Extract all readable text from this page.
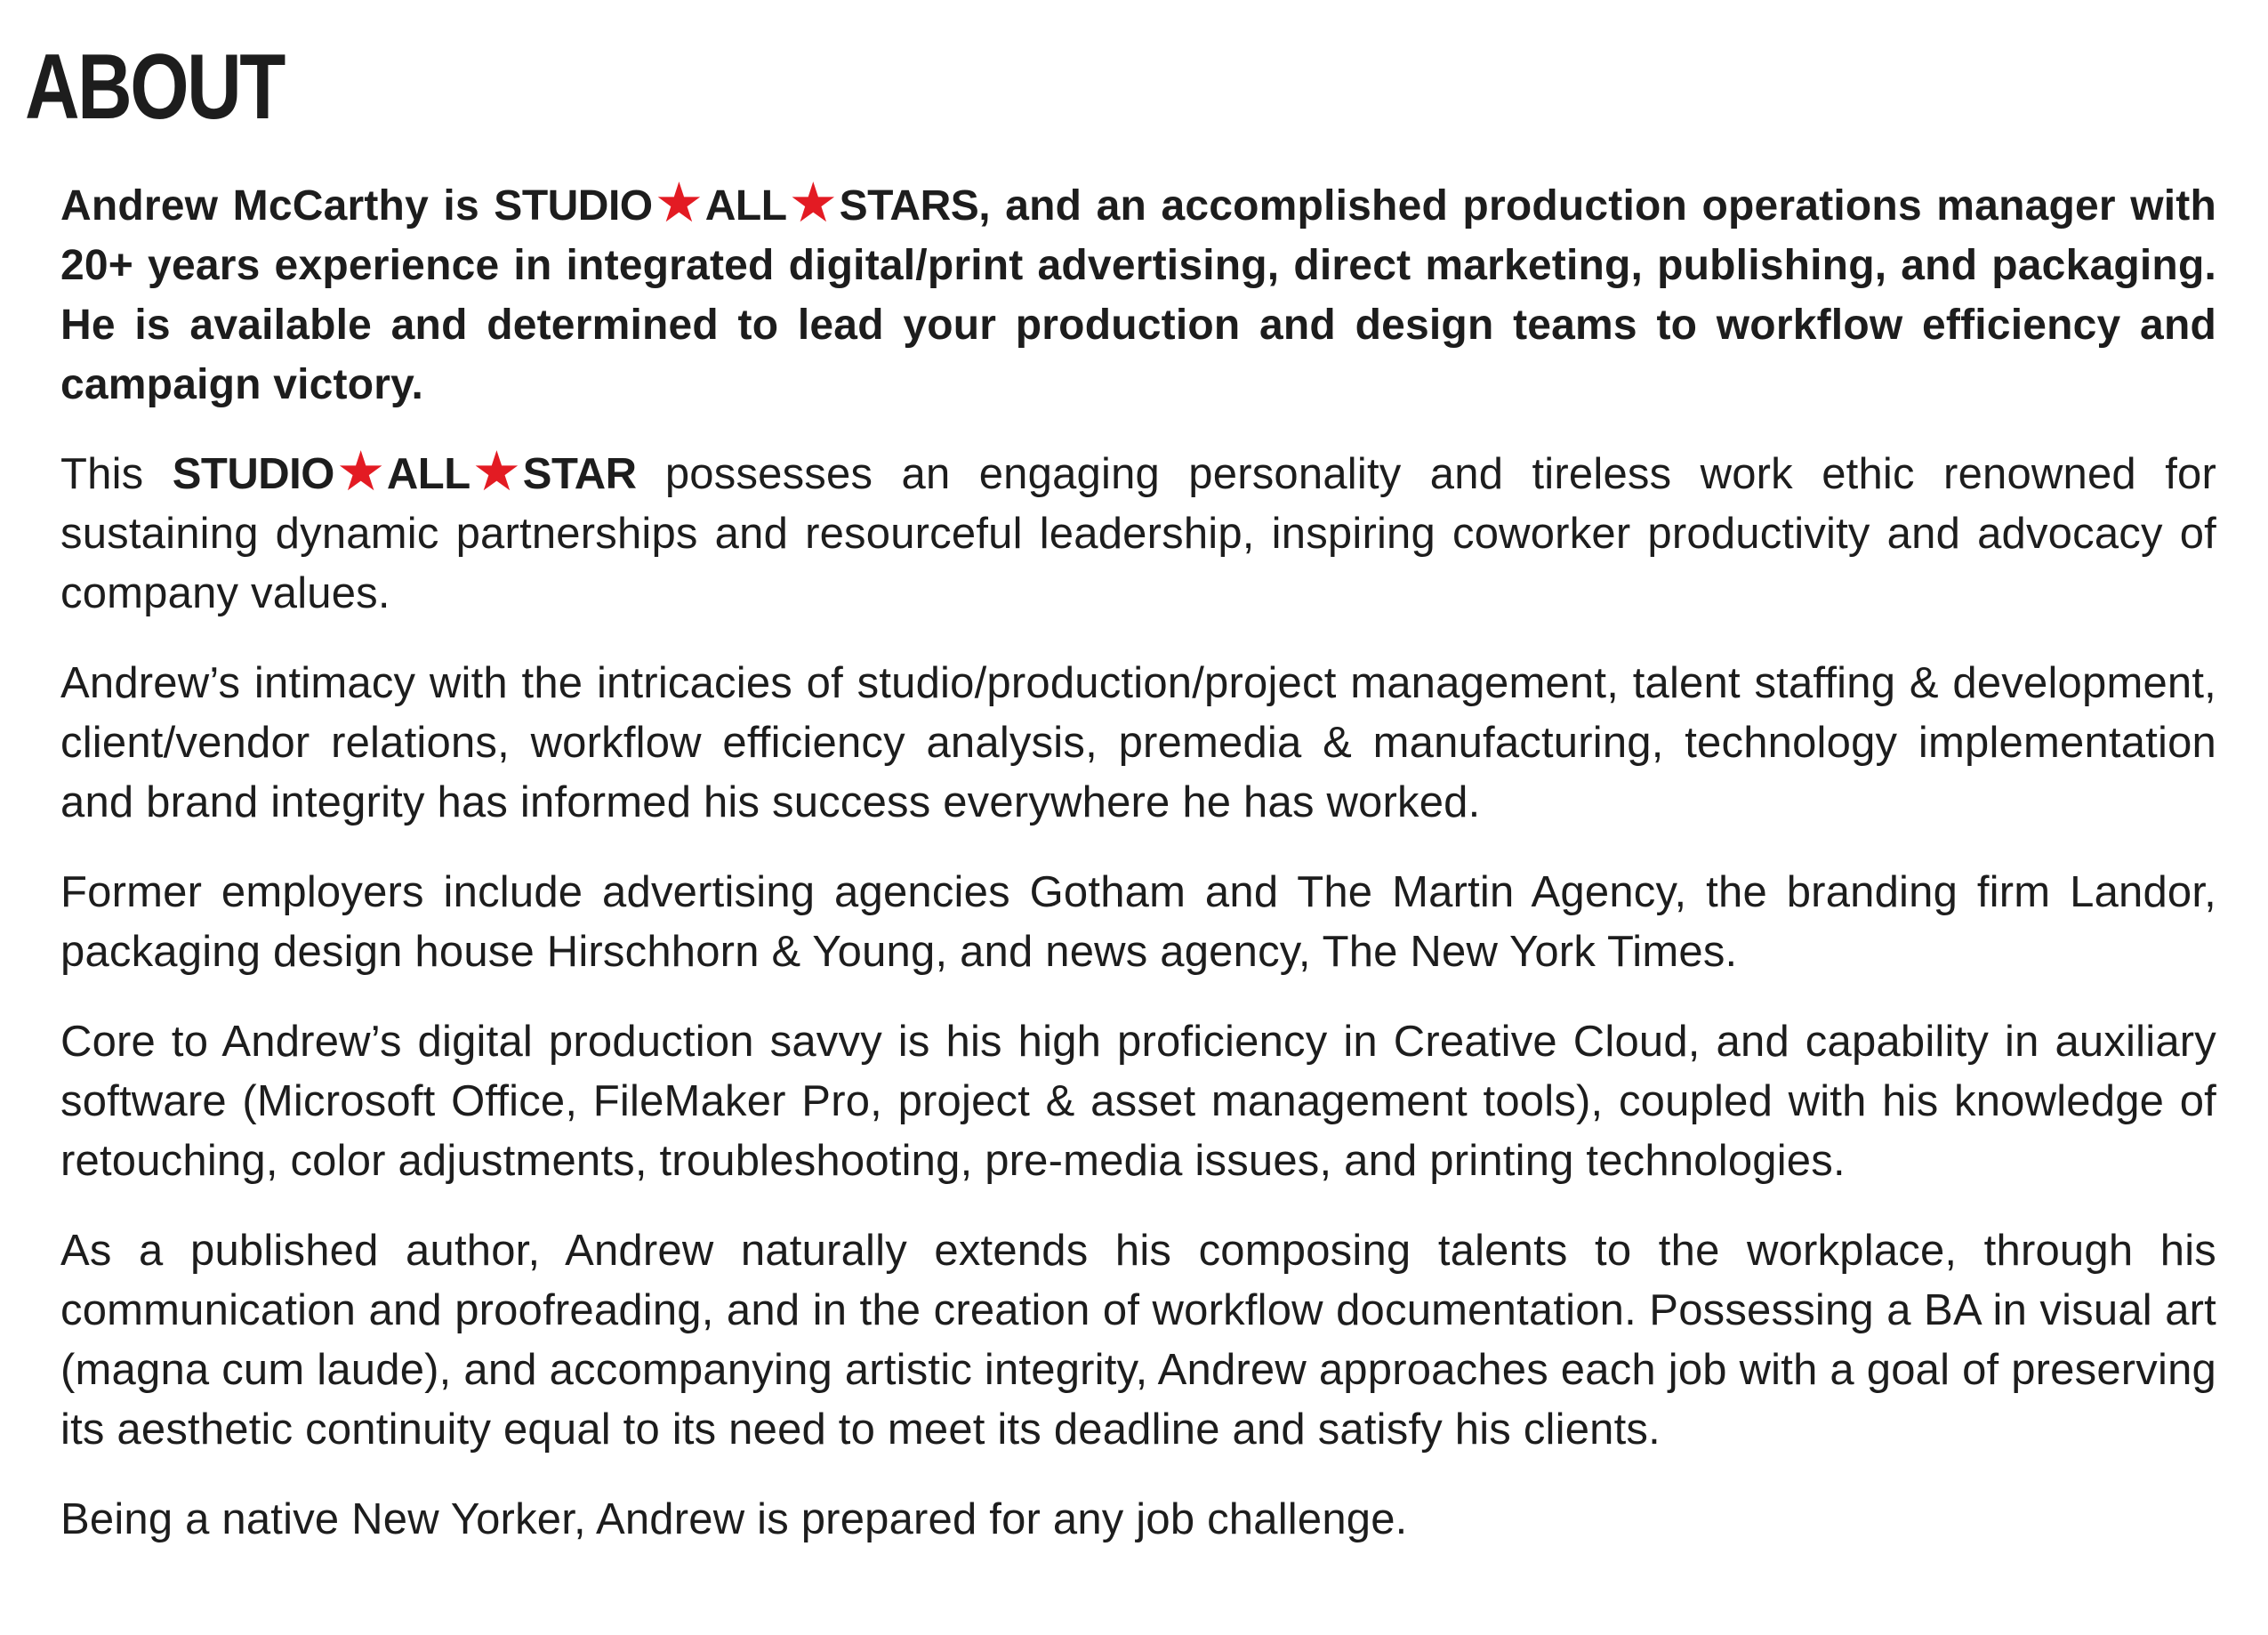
ABOUT

Andrew McCarthy is STUDIO★ALL★STARS, and an accomplished production operations manager with 20+ years experience in integrated digital/print advertising, direct marketing, publishing, and packaging. He is available and determined to lead your production and design teams to workflow efficiency and campaign victory.

This STUDIO★ALL★STAR possesses an engaging personality and tireless work ethic renowned for sustaining dynamic partnerships and resourceful leadership, inspiring coworker productivity and advocacy of company values.

Andrew’s intimacy with the intricacies of studio/production/project management, talent staffing & development, client/vendor relations, workflow efficiency analysis, premedia & manufacturing, technology implementation and brand integrity has informed his success everywhere he has worked.

Former employers include advertising agencies Gotham and The Martin Agency, the branding firm Landor, packaging design house Hirschhorn & Young, and news agency, The New York Times.

Core to Andrew’s digital production savvy is his high proficiency in Creative Cloud, and capability in auxiliary software (Microsoft Office, FileMaker Pro, project & asset management tools), coupled with his knowledge of retouching, color adjustments, troubleshooting, pre-media issues, and printing technologies.

As a published author, Andrew naturally extends his composing talents to the workplace, through his communication and proofreading, and in the creation of workflow documentation. Possessing a BA in visual art (magna cum laude), and accompanying artistic integrity, Andrew approaches each job with a goal of preserving its aesthetic continuity equal to its need to meet its deadline and satisfy his clients.

Being a native New Yorker, Andrew is prepared for any job challenge.
